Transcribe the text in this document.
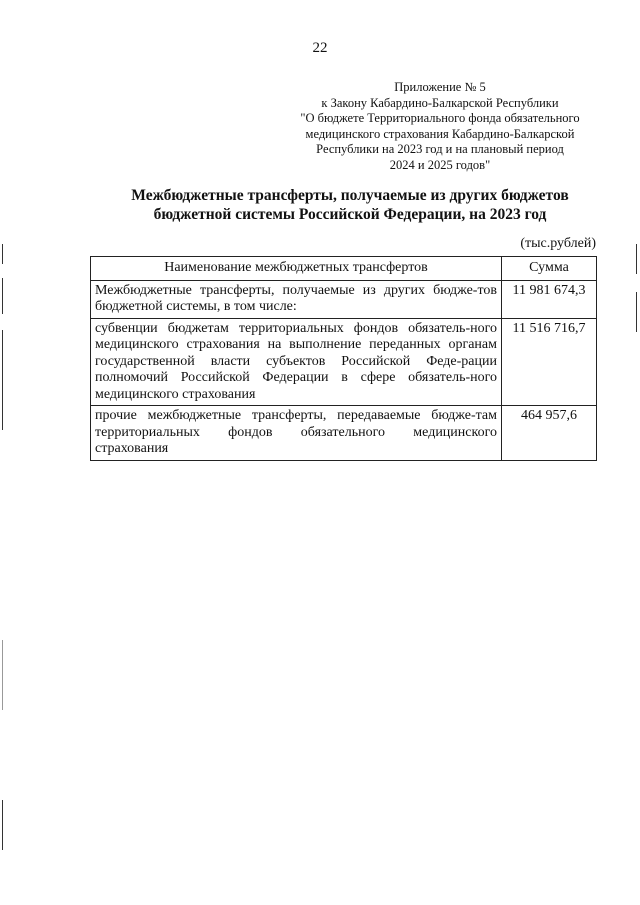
22
Приложение № 5
к Закону Кабардино-Балкарской Республики
"О бюджете Территориального фонда обязательного
медицинского страхования Кабардино-Балкарской
Республики на 2023 год и на плановый период
2024 и 2025 годов"
Межбюджетные трансферты, получаемые из других бюджетов
бюджетной системы Российской Федерации, на 2023 год
(тыс.рублей)
Наименование межбюджетных трансфертов	Сумма
Межбюджетные трансферты, получаемые из других бюдже-тов бюджетной системы, в том числе:	11 981 674,3
субвенции бюджетам территориальных фондов обязатель-ного медицинского страхования на выполнение переданных органам государственной власти субъектов Российской Феде-рации полномочий Российской Федерации в сфере обязатель-ного медицинского страхования	11 516 716,7
прочие межбюджетные трансферты, передаваемые бюдже-там территориальных фондов обязательного медицинского страхования	464 957,6
